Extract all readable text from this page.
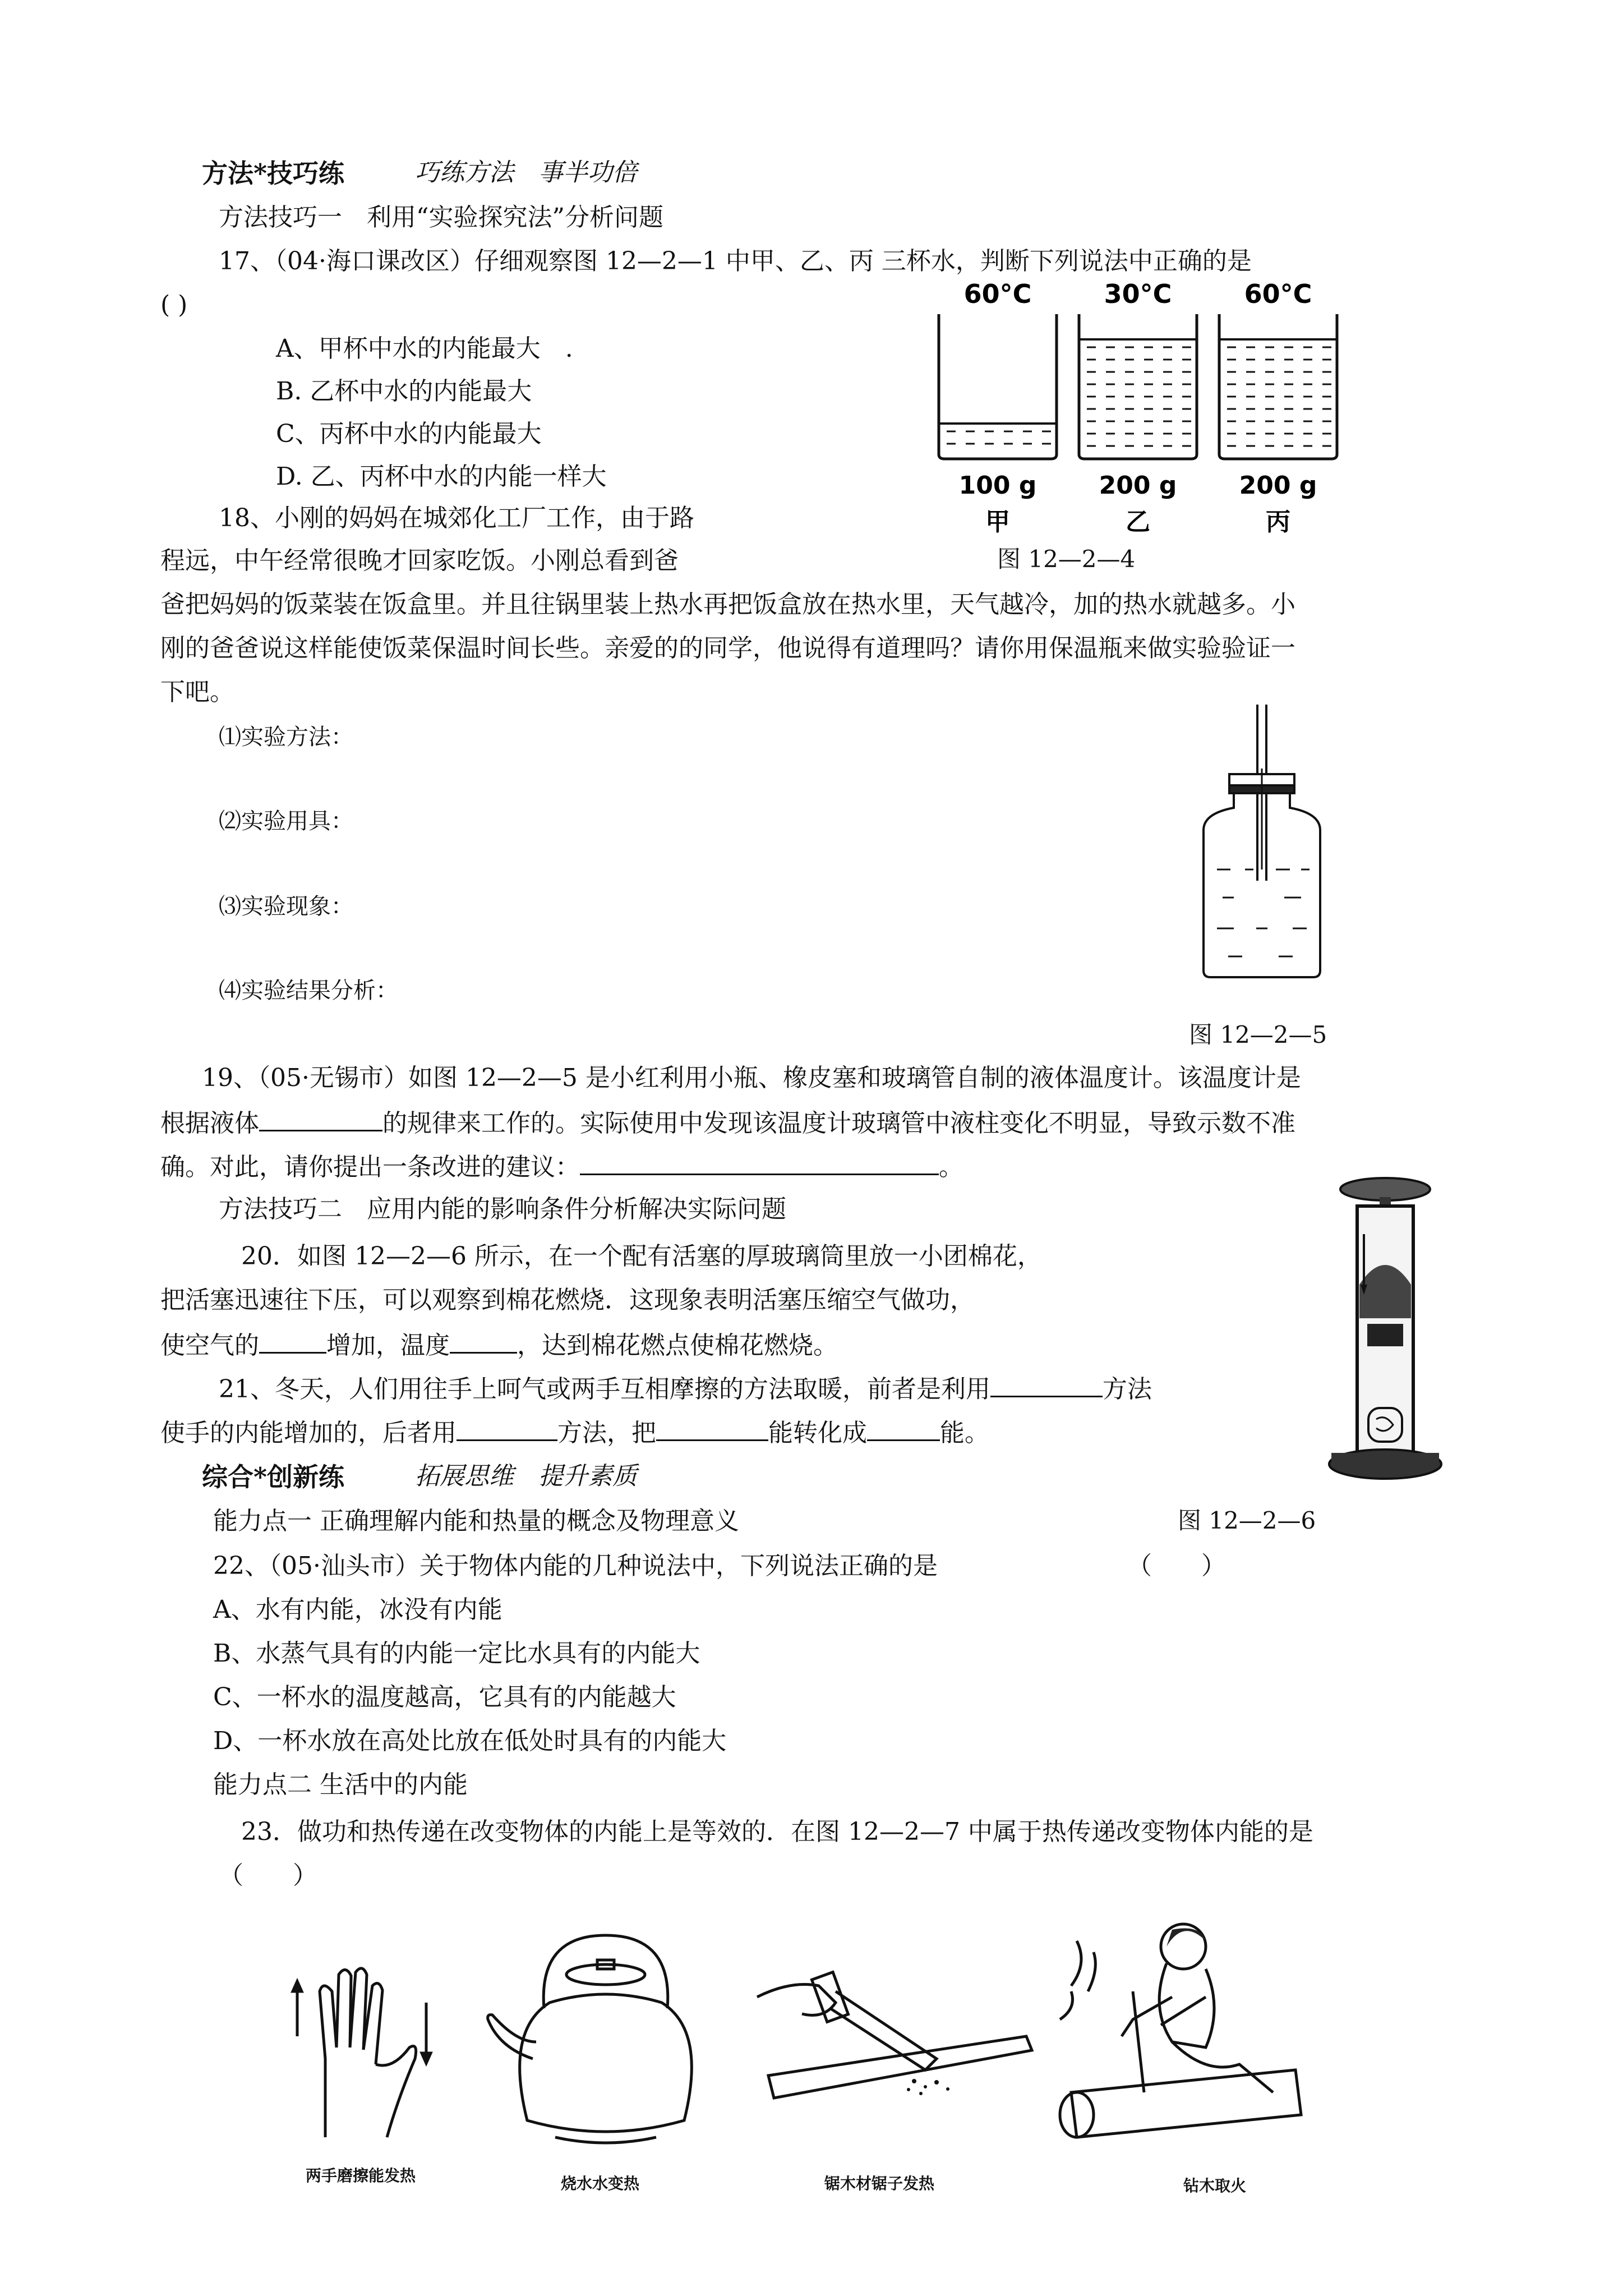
方法*技巧练	巧练方法　事半功倍
方法技巧一　利用“实验探究法”分析问题
17、（04·海口课改区）仔细观察图 12—2—1 中甲、乙、丙 三杯水，判断下列说法中正确的是
( )
A、甲杯中水的内能最大　.
B. 乙杯中水的内能最大
C、丙杯中水的内能最大
D. 乙、丙杯中水的内能一样大
60°C
100 g
甲
30°C
200 g
乙
60°C
200 g
丙
图 12—2—4
18、小刚的妈妈在城郊化工厂工作，由于路
程远，中午经常很晚才回家吃饭。小刚总看到爸
爸把妈妈的饭菜装在饭盒里。并且往锅里装上热水再把饭盒放在热水里，天气越冷，加的热水就越多。小
刚的爸爸说这样能使饭菜保温时间长些。亲爱的的同学，他说得有道理吗？请你用保温瓶来做实验验证一
下吧。
⑴实验方法：
⑵实验用具：
⑶实验现象：
⑷实验结果分析：
图 12—2—5
19、（05·无锡市）如图 12—2—5 是小红利用小瓶、橡皮塞和玻璃管自制的液体温度计。该温度计是
根据液体	的规律来工作的。实际使用中发现该温度计玻璃管中液柱变化不明显，导致示数不准
确。对此，请你提出一条改进的建议：	。
方法技巧二　应用内能的影响条件分析解决实际问题
20．如图 12—2—6 所示，在一个配有活塞的厚玻璃筒里放一小团棉花，
把活塞迅速往下压，可以观察到棉花燃烧．这现象表明活塞压缩空气做功，
使空气的	增加，温度	，达到棉花燃点使棉花燃烧。
21、冬天，人们用往手上呵气或两手互相摩擦的方法取暖，前者是利用	方法
使手的内能增加的，后者用	方法，把	能转化成	能。
综合*创新练	拓展思维　提升素质
能力点一 正确理解内能和热量的概念及物理意义	图 12—2—6
22、（05·汕头市）关于物体内能的几种说法中，下列说法正确的是	（　　）
A、水有内能，冰没有内能
B、水蒸气具有的内能一定比水具有的内能大
C、一杯水的温度越高，它具有的内能越大
D、一杯水放在高处比放在低处时具有的内能大
能力点二 生活中的内能
23．做功和热传递在改变物体的内能上是等效的．在图 12—2—7 中属于热传递改变物体内能的是
（　　）
两手磨擦能发热	烧水水变热	锯木材锯子发热	钻木取火
